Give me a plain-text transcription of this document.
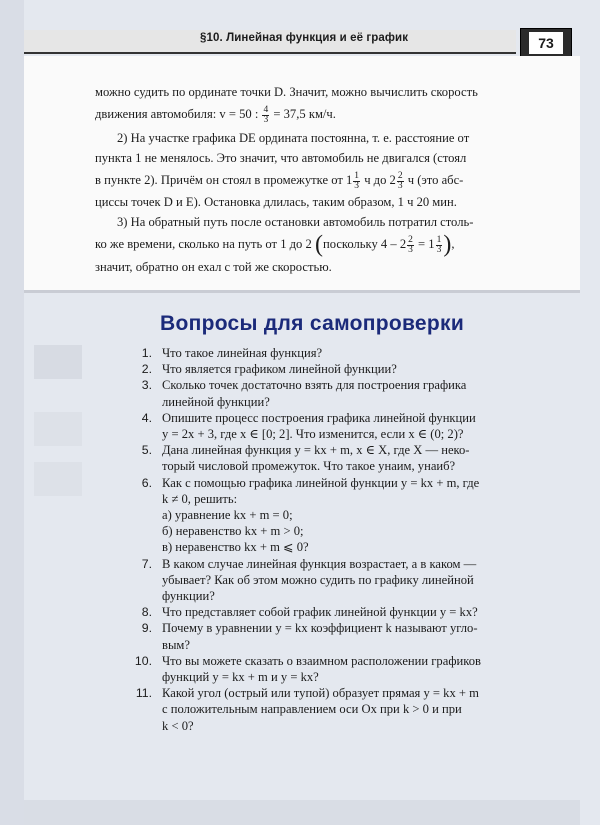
§10. Линейная функция и её график	73
можно судить по ординате точки D. Значит, можно вычислить скорость
движения автомобиля: v = 50 : $\frac{4}{3} = 37,5$ км/ч.
2) На участке графика DE ордината постоянна, т. е. расстояние от
пункта 1 не менялось. Это значит, что автомобиль не двигался (стоял
в пункте 2). Причём он стоял в промежутке от $1 \frac{1}{3}$ ч до $2 \frac{2}{3}$ ч (это абс-
циссы точек D и E). Остановка длилась, таким образом, 1 ч 20 мин.
3) На обратный путь после остановки автомобиль потратил столь-
ко же времени, сколько на путь от 1 до 2 (поскольку $4 - 2 \frac{2}{3} = 1 \frac{1}{3}$ ),
значит, обратно он ехал с той же скоростью.
Вопросы для самопроверки
1. Что такое линейная функция?
2. Что является графиком линейной функции?
3. Сколько точек достаточно взять для построения графика
линейной функции?
4. Опишите процесс построения графика линейной функции
y = 2x + 3, где x ∈ [0; 2]. Что изменится, если x ∈ (0; 2)?
5. Дана линейная функция y = kx + m, x ∈ X, где X — неко-
торый числовой промежуток. Что такое yнаим, yнаиб?
6. Как с помощью графика линейной функции y = kx + m, где
k ≠ 0, решить:
а) уравнение kx + m = 0;
б) неравенство kx + m > 0;
в) неравенство kx + m ⩽ 0?
7. В каком случае линейная функция возрастает, а в каком —
убывает? Как об этом можно судить по графику линейной
функции?
8. Что представляет собой график линейной функции y = kx?
9. Почему в уравнении y = kx коэффициент k называют угло-
вым?
10. Что вы можете сказать о взаимном расположении графиков
функций y = kx + m и y = kx?
11. Какой угол (острый или тупой) образует прямая y = kx + m
с положительным направлением оси Ox при k > 0 и при
k < 0?
